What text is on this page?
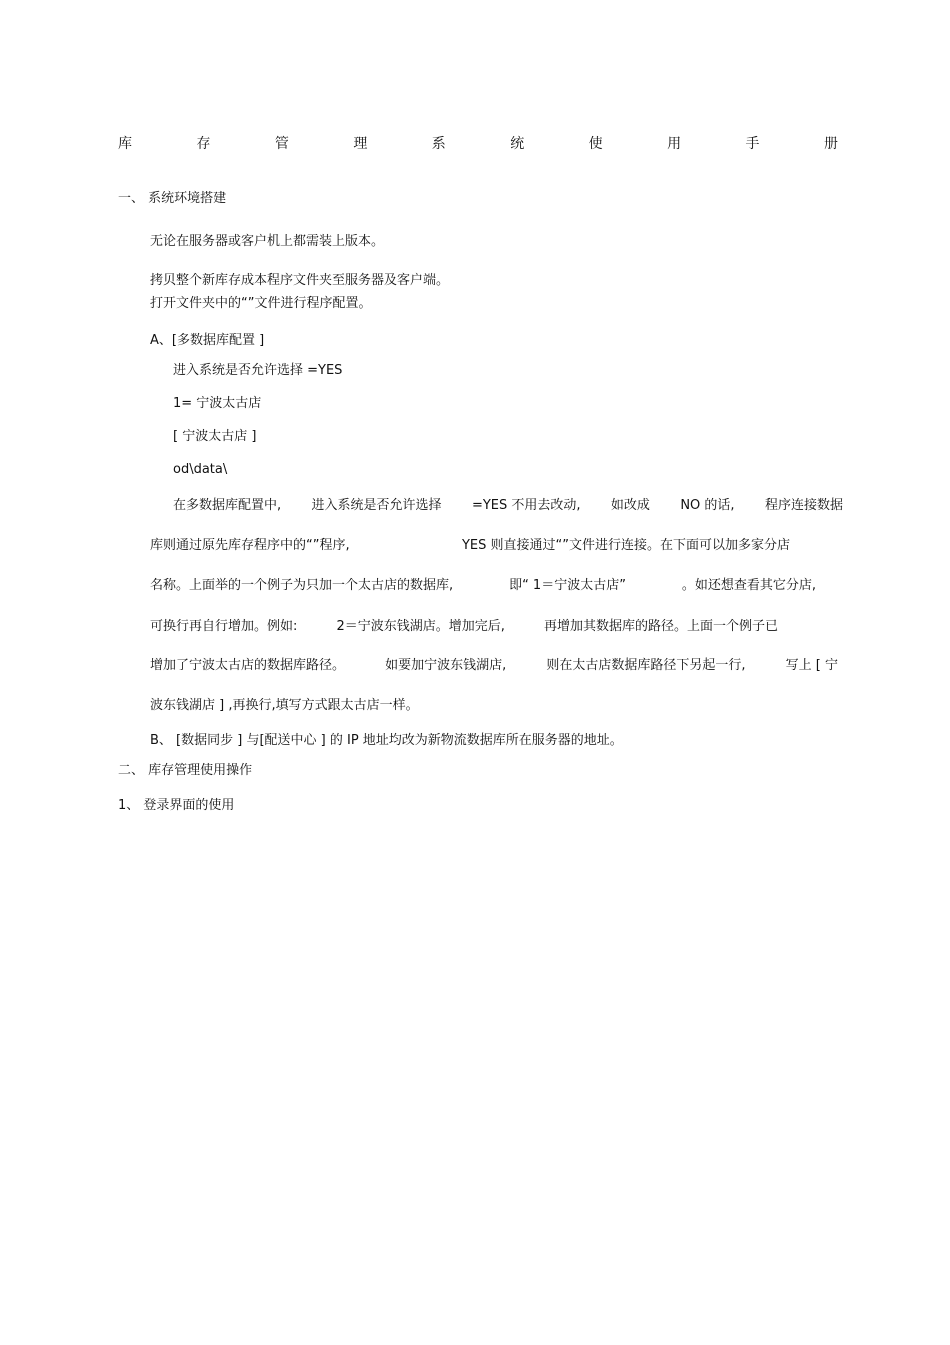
库	存	管	理	系	统	使	用	手	册
一、 系统环境搭建
无论在服务器或客户机上都需装上版本。
拷贝整个新库存成本程序文件夹至服务器及客户端。
打开文件夹中的“”文件进行程序配置。
A、[多数据库配置 ]
进入系统是否允许选择 =YES
1= 宁波太古店
[ 宁波太古店 ]
od\data\
在多数据库配置中, 进入系统是否允许选择 =YES 不用去改动, 如改成 NO 的话, 程序连接数据
库则通过原先库存程序中的“”程序,	YES 则直接通过“”文件进行连接。在下面可以加多家分店
名称。上面举的一个例子为只加一个太古店的数据库,	即“ 1＝宁波太古店”	。如还想查看其它分店,
可换行再自行增加。例如:	2＝宁波东钱湖店。增加完后,	再增加其数据库的路径。上面一个例子已
增加了宁波太古店的数据库路径。	如要加宁波东钱湖店,	则在太古店数据库路径下另起一行,	写上 [ 宁
波东钱湖店 ] ,再换行,填写方式跟太古店一样。
B、 [数据同步 ] 与[配送中心 ] 的 IP 地址均改为新物流数据库所在服务器的地址。
二、 库存管理使用操作
1、 登录界面的使用
